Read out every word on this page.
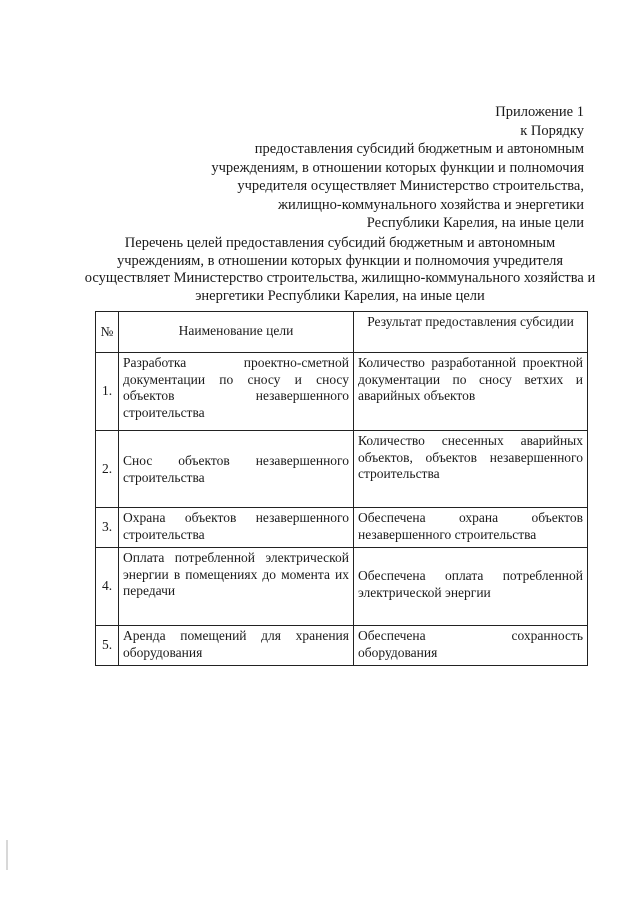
Приложение 1
к Порядку
предоставления субсидий бюджетным и автономным
учреждениям, в отношении которых функции и полномочия
учредителя осуществляет Министерство строительства,
жилищно-коммунального хозяйства и энергетики
Республики Карелия, на иные цели
Перечень целей предоставления субсидий бюджетным и автономным
учреждениям, в отношении которых функции и полномочия учредителя
осуществляет Министерство строительства, жилищно-коммунального хозяйства и
энергетики Республики Карелия, на иные цели
№	Наименование цели	Результат предоставления субсидии
1.	Разработка проектно-сметной документации по сносу и сносу объектов незавершенного строительства	Количество разработанной проектной документации по сносу ветхих и аварийных объектов
2.	Снос объектов незавершенного строительства	Количество снесенных аварийных объектов, объектов незавершенного строительства
3.	Охрана объектов незавершенного строительства	Обеспечена охрана объектов незавершенного строительства
4.	Оплата потребленной электрической энергии в помещениях до момента их передачи	Обеспечена оплата потребленной электрической энергии
5.	Аренда помещений для хранения оборудования	Обеспечена сохранность оборудования
